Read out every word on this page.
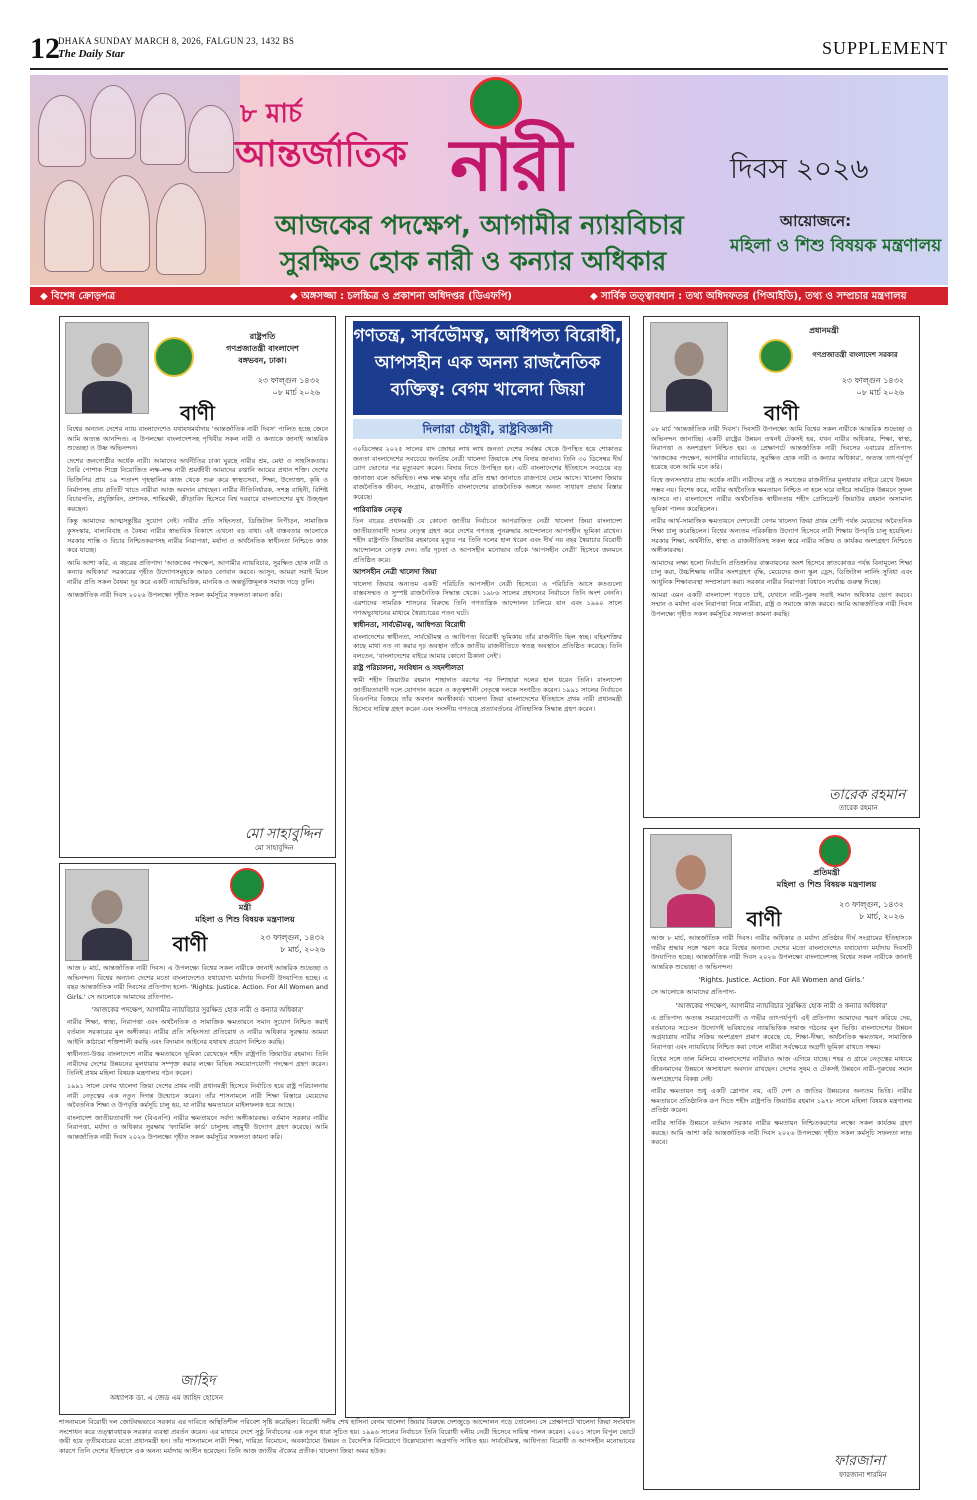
12
DHAKA SUNDAY MARCH 8, 2026, FALGUN 23, 1432 BS
The Daily Star	SUPPLEMENT
৮ মার্চ
আন্তর্জাতিক নারী	দিবস ২০২৬
আজকের পদক্ষেপ, আগামীর ন্যায়বিচার
সুরক্ষিত হোক নারী ও কন্যার অধিকার
আয়োজনে:
মহিলা ও শিশু বিষয়ক মন্ত্রণালয়
◆ বিশেষ ক্রোড়পত্র	◆ অঙ্গসজ্জা : চলচ্চিত্র ও প্রকাশনা অধিদপ্তর (ডিএফপি)	◆ সার্বিক তত্ত্বাবধান : তথ্য অধিদফতর (পিআইডি), তথ্য ও সম্প্রচার মন্ত্রণালয়
রাষ্ট্রপতি
গণপ্রজাতন্ত্রী বাংলাদেশ
বঙ্গভবন, ঢাকা।
২৩ ফাল্গুন ১৪৩২
০৮ মার্চ ২০২৬
বাণী

বিশ্বের অন্যান্য দেশের ন্যায় বাংলাদেশেও যথাযথমর্যাদায় 'আন্তর্জাতিক নারী দিবস' পালিত হচ্ছে জেনে আমি অত্যন্ত আনন্দিত। এ উপলক্ষ্যে বাংলাদেশসহ পৃথিবীর সকল নারী ও কন্যাকে জানাই আন্তরিক শুভেচ্ছা ও উষ্ণ অভিনন্দন।

দেশের জনগোষ্ঠীর অর্ধেক নারী। আমাদের অর্থনীতির চাকা ঘুরছে নারীর শ্রম, মেধা ও সাহসিকতায়। তৈরি পোশাক শিল্পে নিয়োজিত লক্ষ-লক্ষ নারী শ্রমজীবী আমাদের রপ্তানি আয়ের প্রধান শক্তি। দেশের ভিজিপির প্রায় ১৯ শতাংশ গৃহস্থালির কাজ থেকে শুরু করে স্বাস্থ্যসেবা, শিক্ষা, উদ্যোক্তা, কৃষি ও নির্মাণসহ প্রায় প্রতিটি খাতে নারীরা আজ অবদান রাখছেন। নারীর নীতিনির্ধারক, সশস্ত্র বাহিনী, বিশিষ্ট বিচারপতি, প্রযুক্তিবিদ, প্রশাসক, শান্তিরক্ষী, ক্রীড়াবিদ হিসেবে বিশ্ব দরবারে বাংলাদেশের মুখ উজ্জ্বল করছেন।

কিন্তু আমাদের আত্মসন্তুষ্টির সুযোগ নেই। নারীর প্রতি সহিংসতা, ডিজিটাল নিপীড়ন, সামাজিক কুসংস্কার, বাল্যবিবাহ ও বৈষম্য নারীর স্বাভাবিক বিকাশে এখনো বড় বাধা। এই বাস্তবতার আলোকে সরকার শাস্তি ও বিচার নিশ্চিতকরণসহ নারীর নিরাপত্তা, মর্যাদা ও অর্থনৈতিক স্বাধীনতা নিশ্চিতে কাজ করে যাচ্ছে।

আমি আশা করি, এ বছরের প্রতিপাদ্য 'আজকের পদক্ষেপ, আগামীর ন্যায়বিচার, সুরক্ষিত হোক নারী ও কন্যার অধিকার' সরকারের গৃহীত উদ্যোগসমূহকে আরও বেগবান করবে। আসুন, আমরা সবাই মিলে নারীর প্রতি সকল বৈষম্য দূর করে একটি ন্যায়ভিত্তিক, মানবিক ও অন্তর্ভুক্তিমূলক সমাজ গড়ে তুলি।

আন্তর্জাতিক নারী দিবস ২০২৬ উপলক্ষ্যে গৃহীত সকল কর্মসূচির সফলতা কামনা করি।

মো সাহাবুদ্দিন
মো সাহাবুদ্দিন
মন্ত্রী
মহিলা ও শিশু বিষয়ক মন্ত্রণালয়
বাণী	২৩ ফাল্গুন, ১৪৩২
৮ মার্চ, ২০২৬

আজ ৮ মার্চ, আন্তর্জাতিক নারী দিবস। এ উপলক্ষ্যে বিশ্বের সকল নারীকে জানাই আন্তরিক শুভেচ্ছা ও অভিনন্দন। বিশ্বের অন্যান্য দেশের মতো বাংলাদেশেও যথাযোগ্য মর্যাদায় দিবসটি উদযাপিত হচ্ছে। এ বছর আন্তর্জাতিক নারী দিবসের প্রতিপাদ্য হলো- 'Rights. Justice. Action. For All Women and Girls.' সে আলোকে আমাদের প্রতিপাদ্য-

'আজকের পদক্ষেপ, আগামীর ন্যায়বিচার সুরক্ষিত হোক নারী ও কন্যার অধিকার'

নারীর শিক্ষা, স্বাস্থ্য, নিরাপত্তা এবং অর্থনৈতিক ও সামাজিক ক্ষমতায়নে সমান সুযোগ নিশ্চিত করাই বর্তমান সরকারের মূল অঙ্গীকার। নারীর প্রতি সহিংসতা প্রতিরোধ ও নারীর অধিকার সুরক্ষায় আমরা আইনি কাঠামো শক্তিশালী করছি এবং বিদ্যমান আইনের যথাযথ প্রয়োগ নিশ্চিত করছি।

স্বাধীনতা-উত্তর বাংলাদেশে নারীর ক্ষমতায়নে ভূমিকা রেখেছেন শহীদ রাষ্ট্রপতি জিয়াউর রহমান। তিনি নারীদের দেশের উন্নয়নের মূলধারায় সম্পৃক্ত করার লক্ষ্যে বিভিন্ন সময়োপযোগী পদক্ষেপ গ্রহণ করেন। তিনিই প্রথম মহিলা বিষয়ক মন্ত্রণালয় গঠন করেন।

১৯৯১ সালে বেগম খালেদা জিয়া দেশের প্রথম নারী প্রধানমন্ত্রী হিসেবে নির্বাচিত হয়ে রাষ্ট্র পরিচালনায় নারী নেতৃত্বের এক নতুন দিগন্ত উন্মোচন করেন। তাঁর শাসনামলে নারী শিক্ষা বিস্তারে মেয়েদের অবৈতনিক শিক্ষা ও উপবৃত্তি কর্মসূচি চালু হয়, যা নারীর ক্ষমতায়নে মাইলফলক হয়ে আছে।

বাংলাদেশ জাতীয়তাবাদী দল (বিএনপি) নারীর ক্ষমতায়নে সর্বদা অঙ্গীকারবদ্ধ। বর্তমান সরকার নারীর নিরাপত্তা, মর্যাদা ও অধিকার সুরক্ষায় 'ফ্যামিলি কার্ড' চালুসহ বহুমুখী উদ্যোগ গ্রহণ করেছে। আমি আন্তর্জাতিক নারী দিবস ২০২৬ উপলক্ষ্যে গৃহীত সকল কর্মসূচির সফলতা কামনা করি।

জাহিদ
অধ্যাপক ডা. এ জেড এম জাহিদ হোসেন
গণতন্ত্র, সার্বভৌমত্ব, আধিপত্য বিরোধী, আপসহীন এক অনন্য রাজনৈতিক ব্যক্তিত্ব: বেগম খালেদা জিয়া
দিলারা চৌধুরী, রাষ্ট্রবিজ্ঞানী

৩০ডিসেম্বর ২০২৫ সালের বাদ জোহর লাখ লাখ জনতা দেশের সর্বস্তর থেকে উপস্থিত হয়ে শোকাতর জনতা বাংলাদেশের সবচেয়ে জনপ্রিয় নেত্রী খালেদা জিয়াকে শেষ বিদায় জানান। তিনি ৩০ ডিসেম্বর দীর্ঘ রোগ ভোগের পর মৃত্যুবরণ করেন। বিদায় নিতে উপস্থিত হন। এটি বাংলাদেশের ইতিহাসে সবচেয়ে বড় জানাজা বলে অভিহিত। লক্ষ লক্ষ মানুষ তাঁর প্রতি শ্রদ্ধা জানাতে রাজপথে নেমে আসে। খালেদা জিয়ার রাজনৈতিক জীবন, সংগ্রাম, রাজনীতি বাংলাদেশের রাজনৈতিক অঙ্গনে অনন্য সাধারণ প্রভাব বিস্তার করেছে।

পারিবারিক নেতৃত্ব

তিন বারের প্রধানমন্ত্রী যে কোনো জাতীয় নির্বাচনে আপরাজিত নেত্রী খালেদা জিয়া বাংলাদেশ জাতীয়তাবাদী দলের নেতৃত্ব গ্রহণ করে দেশের গণতন্ত্র পুনরুদ্ধার আন্দোলনে আপসহীন ভূমিকা রাখেন। শহীদ রাষ্ট্রপতি জিয়াউর রহমানের মৃত্যুর পর তিনি দলের হাল ধরেন এবং দীর্ঘ নয় বছর স্বৈরাচার বিরোধী আন্দোলনে নেতৃত্ব দেন। তাঁর দৃঢ়তা ও আপসহীন মনোভাব তাঁকে 'আপসহীন নেত্রী' হিসেবে জনমনে প্রতিষ্ঠিত করে।

আপসহীন নেত্রী খালেদা জিয়া

খালেদা জিয়ার অন্যতম একটি পরিচিতি আপসহীন নেত্রী হিসেবে। এ পরিচিতি আসে কতগুলো বাস্তবসম্মত ও সুস্পষ্ট রাজনৈতিক সিদ্ধান্ত থেকে। ১৯৮৬ সালের প্রহসনের নির্বাচনে তিনি অংশ নেননি। এরশাদের সামরিক শাসনের বিরুদ্ধে তিনি গণতান্ত্রিক আন্দোলন চালিয়ে যান এবং ১৯৯০ সালে গণঅভ্যুত্থানের মাধ্যমে স্বৈরাচারের পতন ঘটে।

স্বাধীনতা, সার্বভৌমত্ব, আধিপত্য বিরোধী

বাংলাদেশের স্বাধীনতা, সার্বভৌমত্ব ও আধিপত্য বিরোধী ভূমিকায় তাঁর রাজনীতি ছিল স্বচ্ছ। বহিঃশক্তির কাছে মাথা নত না করার দৃঢ় অবস্থান তাঁকে জাতীয় রাজনীতিতে স্বতন্ত্র অবস্থানে প্রতিষ্ঠিত করেছে। তিনি বলতেন, 'বাংলাদেশের বাইরে আমার কোনো ঠিকানা নেই'।

রাষ্ট্র পরিচালনা, সংবিধান ও সহনশীলতা

স্বামী শহীদ জিয়াউর রহমান শাহাদাত বরণের পর দিশাহারা দলের হাল ধরেন তিনি। বাংলাদেশ জাতীয়তাবাদী দলে যোগদান করেন ও কতৃত্বশালী নেতৃত্বে দলকে সংগঠিত করেন। ১৯৯১ সালের নির্বাচনে বিএনপির বিজয়ে তাঁর অবদান অনস্বীকার্য। খালেদা জিয়া বাংলাদেশের ইতিহাসে প্রথম নারী প্রধানমন্ত্রী হিসেবে দায়িত্ব গ্রহণ করেন এবং সংসদীয় গণতন্ত্রে প্রত্যাবর্তনের ঐতিহাসিক সিদ্ধান্ত গ্রহণ করেন।

প্রধানমন্ত্রী
গণপ্রজাতন্ত্রী বাংলাদেশ সরকার
২৩ ফাল্গুন ১৪৩২
০৮ মার্চ ২০২৬
বাণী

০৮ মার্চ 'আন্তর্জাতিক নারী দিবস'। দিবসটি উপলক্ষ্যে আমি বিশ্বের সকল নারীকে আন্তরিক শুভেচ্ছা ও অভিনন্দন জানাচ্ছি। একটি রাষ্ট্রের উন্নয়ন তখনই টেকসই হয়, যখন নারীর অধিকার, শিক্ষা, স্বাস্থ্য, নিরাপত্তা ও অংশগ্রহণ নিশ্চিত হয়। এ প্রেক্ষাপটে আন্তর্জাতিক নারী দিবসের এবারের প্রতিপাদ্য 'আজকের পদক্ষেপ, আগামীর ন্যায়বিচার, সুরক্ষিত হোক নারী ও কন্যার অধিকার', অত্যন্ত তাৎপর্যপূর্ণ হয়েছে বলে আমি মনে করি।

বিশ্বে জনসংখ্যার প্রায় অর্ধেক নারী। নারীদের রাষ্ট্র ও সমাজের রাজনীতির মূলধারার বাইরে রেখে উন্নয়ন সম্ভব নয়। বিশেষ করে, নারীর অর্থনৈতিক ক্ষমতায়ন নিশ্চিত না হলে ঘরে বাইরে সামগ্রিক উন্নয়নে সুফল আসবে না। বাংলাদেশে নারীর অর্থনৈতিক স্বাধীনতায় শহীদ প্রেসিডেন্ট জিয়াউর রহমান অসামান্য ভূমিকা পালন করেছিলেন।

নারীর আর্থ-সামাজিক ক্ষমতায়নে দেশনেত্রী বেগম খালেদা জিয়া প্রথম শ্রেণী পর্যন্ত মেয়েদের অবৈতনিক শিক্ষা চালু করেছিলেন। বিশ্বের অন্যতম পরিকল্পিত উদ্যোগ হিসেবে নারী শিক্ষায় উপবৃত্তি চালু হয়েছিল। সরকার শিক্ষা, অর্থনীতি, স্বাস্থ্য ও রাজনীতিসহ সকল স্তরে নারীর সক্রিয় ও কার্যকর অংশগ্রহণ নিশ্চিতে অঙ্গীকারবদ্ধ।

আমাদের লক্ষ্য হলো নির্বাচনি প্রতিশ্রুতির বাস্তবায়নের অংশ হিসেবে স্নাতকোত্তর পর্যন্ত বিনামূল্যে শিক্ষা চালু করা, উচ্চশিক্ষায় নারীর অংশগ্রহণ বৃদ্ধি, মেয়েদের জন্য স্কুল ড্রেস, ডিজিটাল লার্নিং সুবিধা এবং আধুনিক শিক্ষাব্যবস্থা সম্প্রসারণ করা। সরকার নারীর নিরাপত্তা বিধানে সর্বোচ্চ গুরুত্ব দিচ্ছে।

আমরা এমন একটি বাংলাদেশ গড়তে চাই, যেখানে নারী-পুরুষ সবাই সমান অধিকার ভোগ করবে। সম্মান ও মর্যাদা এবং নিরাপত্তা নিয়ে নারীরা, রাষ্ট্র ও সমাজে কাজ করবে। আমি আন্তর্জাতিক নারী দিবস উপলক্ষ্যে গৃহীত সকল কর্মসূচির সফলতা কামনা করছি।

তারেক রহমান
তারেক রহমান
প্রতিমন্ত্রী
মহিলা ও শিশু বিষয়ক মন্ত্রণালয়
২৩ ফাল্গুন, ১৪৩২
৮ মার্চ, ২০২৬
বাণী

আজ ৮ মার্চ, আন্তর্জাতিক নারী দিবস। নারীর অধিকার ও মর্যাদা প্রতিষ্ঠার দীর্ঘ সংগ্রামের ইতিহাসকে গভীর শ্রদ্ধার সঙ্গে স্মরণ করে বিশ্বের অন্যান্য দেশের মতো বাংলাদেশেও যথাযোগ্য মর্যাদায় দিবসটি উদযাপিত হচ্ছে। আন্তর্জাতিক নারী দিবস ২০২৬ উপলক্ষ্যে বাংলাদেশসহ বিশ্বের সকল নারীকে জানাই আন্তরিক শুভেচ্ছা ও অভিনন্দন।

'Rights. Justice. Action. For All Women and Girls.'

সে আলোকে আমাদের প্রতিপাদ্য-

'আজকের পদক্ষেপ, আগামীর ন্যায়বিচার সুরক্ষিত হোক নারী ও কন্যার অধিকার'

এ প্রতিপাদ্য অত্যন্ত সময়োপযোগী ও গভীর তাৎপর্যপূর্ণ। এই প্রতিপাদ্য আমাদের স্মরণ করিয়ে দেয়, বর্তমানের সচেতন উদ্যোগই ভবিষ্যতের ন্যায়ভিত্তিক সমাজ গঠনের মূল ভিত্তি। বাংলাদেশের উন্নয়ন অগ্রযাত্রায় নারীর সক্রিয় অংশগ্রহণ প্রমাণ করেছে যে, শিক্ষা-দীক্ষা, অর্থনৈতিক ক্ষমতায়ন, সামাজিক নিরাপত্তা এবং ন্যায়বিচার নিশ্চিত করা গেলে নারীরা সর্বক্ষেত্রে অগ্রণী ভূমিকা রাখতে সক্ষম।

বিশ্বের সঙ্গে তাল মিলিয়ে বাংলাদেশের নারীরাও আজ এগিয়ে যাচ্ছে। শহর ও গ্রামে নেতৃত্বের মাধ্যমে জীবনমানের উন্নয়নে অসাধারণ অবদান রাখছেন। দেশের সুষম ও টেকসই উন্নয়নে নারী-পুরুষের সমান অংশগ্রহণের বিকল্প নেই।

নারীর ক্ষমতায়ন শুধু একটি স্লোগান নয়, এটি দেশ ও জাতির উন্নয়নের অন্যতম ভিত্তি। নারীর ক্ষমতায়নে প্রতিষ্ঠানিক রূপ দিতে শহীদ রাষ্ট্রপতি জিয়াউর রহমান ১৯৭৮ সালে মহিলা বিষয়ক মন্ত্রণালয় প্রতিষ্ঠা করেন।

নারীর সার্বিক উন্নয়নে বর্তমান সরকার নারীর ক্ষমতায়ন নিশ্চিতকরণের লক্ষ্যে সকল কার্যক্রম গ্রহণ করছে। আমি আশা করি আন্তর্জাতিক নারী দিবস ২০২৬ উপলক্ষ্যে গৃহীত সকল কর্মসূচি সফলতা লাভ করবে।

ফারজানা
ফারজানা শারমিন

শাসনামলে বিরোধী দল জোটবদ্ধভাবে সরকার এর দাবিতে অস্থিতিশীল পরিবেশ সৃষ্টি করেছিল। বিরোধী দলীয় শেখ হাসিনা বেগম খালেদা জিয়ার বিরুদ্ধে দেশজুড়ে আন্দোলন গড়ে তোলেন। সে প্রেক্ষাপটে খালেদা জিয়া সংবিধান সংশোধন করে তত্ত্বাবধায়ক সরকার ব্যবস্থা প্রবর্তন করেন। এর মাধ্যমে দেশে সুষ্ঠু নির্বাচনের এক নতুন ধারা সূচিত হয়। ১৯৯৬ সালের নির্বাচনে তিনি বিরোধী দলীয় নেত্রী হিসেবে দায়িত্ব পালন করেন। ২০০১ সালে বিপুল ভোটে জয়ী হয়ে তৃতীয়বারের মতো প্রধানমন্ত্রী হন। তাঁর শাসনামলে নারী শিক্ষা, দারিদ্র্য বিমোচন, অবকাঠামো উন্নয়ন ও বৈদেশিক বিনিয়োগে উল্লেখযোগ্য অগ্রগতি সাধিত হয়। সার্বভৌমত্ব, আধিপত্য বিরোধী ও আপসহীন মনোভাবের কারণে তিনি দেশের ইতিহাসে এক অনন্য মর্যাদায় আসীন হয়েছেন। তিনি আজ জাতীয় ঐক্যের প্রতীক। খালেদা জিয়া অমর হউক।
